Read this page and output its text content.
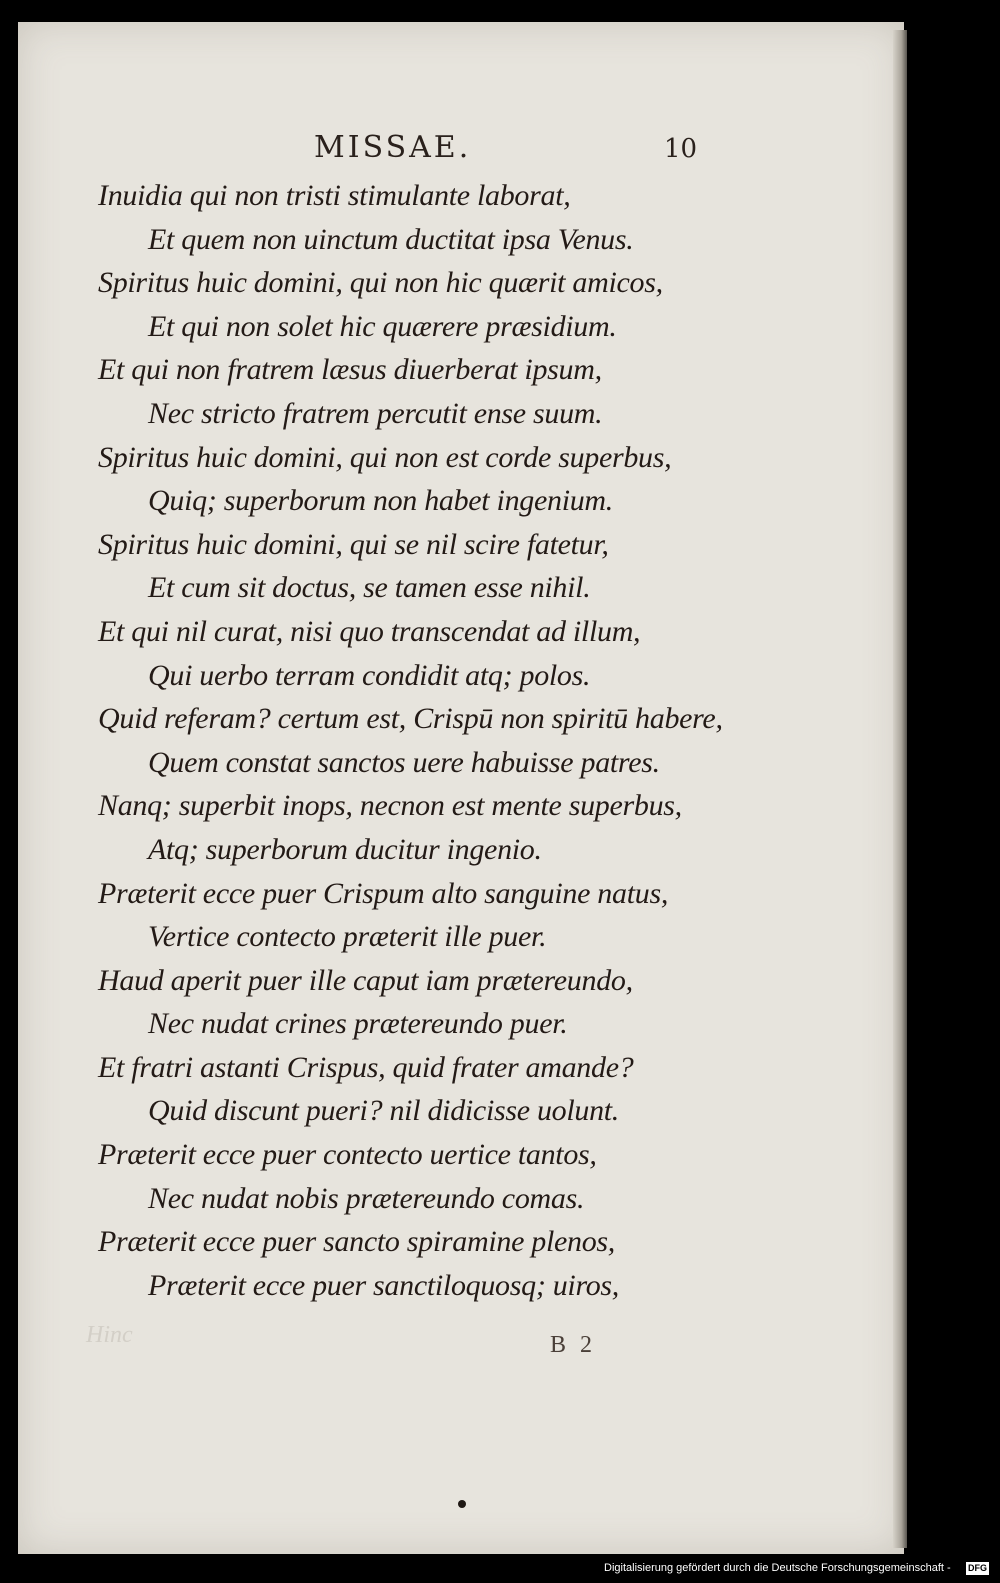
MISSAE.	10
Inuidia qui non tristi stimulante laborat,
Et quem non uinctum ductitat ipsa Venus.
Spiritus huic domini, qui non hic quærit amicos,
Et qui non solet hic quærere præsidium.
Et qui non fratrem læsus diuerberat ipsum,
Nec stricto fratrem percutit ense suum.
Spiritus huic domini, qui non est corde superbus,
Quiq; superborum non habet ingenium.
Spiritus huic domini, qui se nil scire fatetur,
Et cum sit doctus, se tamen esse nihil.
Et qui nil curat, nisi quo transcendat ad illum,
Qui uerbo terram condidit atq; polos.
Quid referam? certum est, Crispū non spiritū habere,
Quem constat sanctos uere habuisse patres.
Nanq; superbit inops, necnon est mente superbus,
Atq; superborum ducitur ingenio.
Præterit ecce puer Crispum alto sanguine natus,
Vertice contecto præterit ille puer.
Haud aperit puer ille caput iam prætereundo,
Nec nudat crines prætereundo puer.
Et fratri astanti Crispus, quid frater amande?
Quid discunt pueri? nil didicisse uolunt.
Præterit ecce puer contecto uertice tantos,
Nec nudat nobis prætereundo comas.
Præterit ecce puer sancto spiramine plenos,
Præterit ecce puer sanctiloquosq; uiros,
Hinc	B 2
Digitalisierung gefördert durch die Deutsche Forschungsgemeinschaft - DFG
